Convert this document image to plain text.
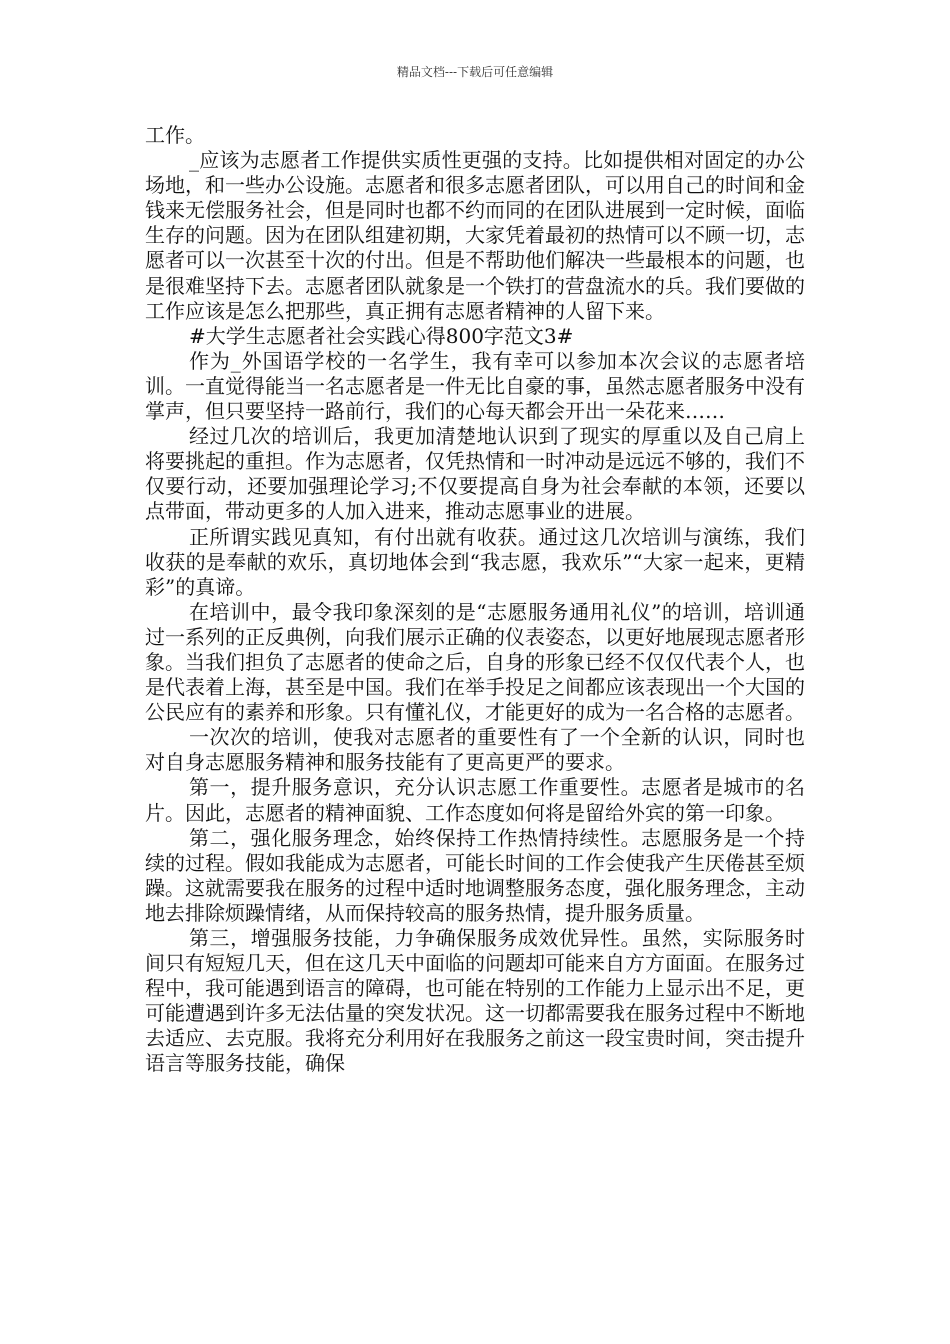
精品文档---下载后可任意编辑

工作。

_应该为志愿者工作提供实质性更强的支持。比如提供相对固定的办公场地，和一些办公设施。志愿者和很多志愿者团队，可以用自己的时间和金钱来无偿服务社会，但是同时也都不约而同的在团队进展到一定时候，面临生存的问题。因为在团队组建初期，大家凭着最初的热情可以不顾一切，志愿者可以一次甚至十次的付出。但是不帮助他们解决一些最根本的问题，也是很难坚持下去。志愿者团队就象是一个铁打的营盘流水的兵。我们要做的工作应该是怎么把那些，真正拥有志愿者精神的人留下来。

#大学生志愿者社会实践心得800字范文3#

作为_外国语学校的一名学生，我有幸可以参加本次会议的志愿者培训。一直觉得能当一名志愿者是一件无比自豪的事，虽然志愿者服务中没有掌声，但只要坚持一路前行，我们的心每天都会开出一朵花来……

经过几次的培训后，我更加清楚地认识到了现实的厚重以及自己肩上将要挑起的重担。作为志愿者，仅凭热情和一时冲动是远远不够的，我们不仅要行动，还要加强理论学习;不仅要提高自身为社会奉献的本领，还要以点带面，带动更多的人加入进来，推动志愿事业的进展。

正所谓实践见真知，有付出就有收获。通过这几次培训与演练，我们收获的是奉献的欢乐，真切地体会到“我志愿，我欢乐”“大家一起来，更精彩”的真谛。

在培训中，最令我印象深刻的是“志愿服务通用礼仪”的培训，培训通过一系列的正反典例，向我们展示正确的仪表姿态，以更好地展现志愿者形象。当我们担负了志愿者的使命之后，自身的形象已经不仅仅代表个人，也是代表着上海，甚至是中国。我们在举手投足之间都应该表现出一个大国的公民应有的素养和形象。只有懂礼仪，才能更好的成为一名合格的志愿者。

一次次的培训，使我对志愿者的重要性有了一个全新的认识，同时也对自身志愿服务精神和服务技能有了更高更严的要求。

第一，提升服务意识，充分认识志愿工作重要性。志愿者是城市的名片。因此，志愿者的精神面貌、工作态度如何将是留给外宾的第一印象。

第二，强化服务理念，始终保持工作热情持续性。志愿服务是一个持续的过程。假如我能成为志愿者，可能长时间的工作会使我产生厌倦甚至烦躁。这就需要我在服务的过程中适时地调整服务态度，强化服务理念，主动地去排除烦躁情绪，从而保持较高的服务热情，提升服务质量。

第三，增强服务技能，力争确保服务成效优异性。虽然，实际服务时间只有短短几天，但在这几天中面临的问题却可能来自方方面面。在服务过程中，我可能遇到语言的障碍，也可能在特别的工作能力上显示出不足，更可能遭遇到许多无法估量的突发状况。这一切都需要我在服务过程中不断地去适应、去克服。我将充分利用好在我服务之前这一段宝贵时间，突击提升语言等服务技能，确保
